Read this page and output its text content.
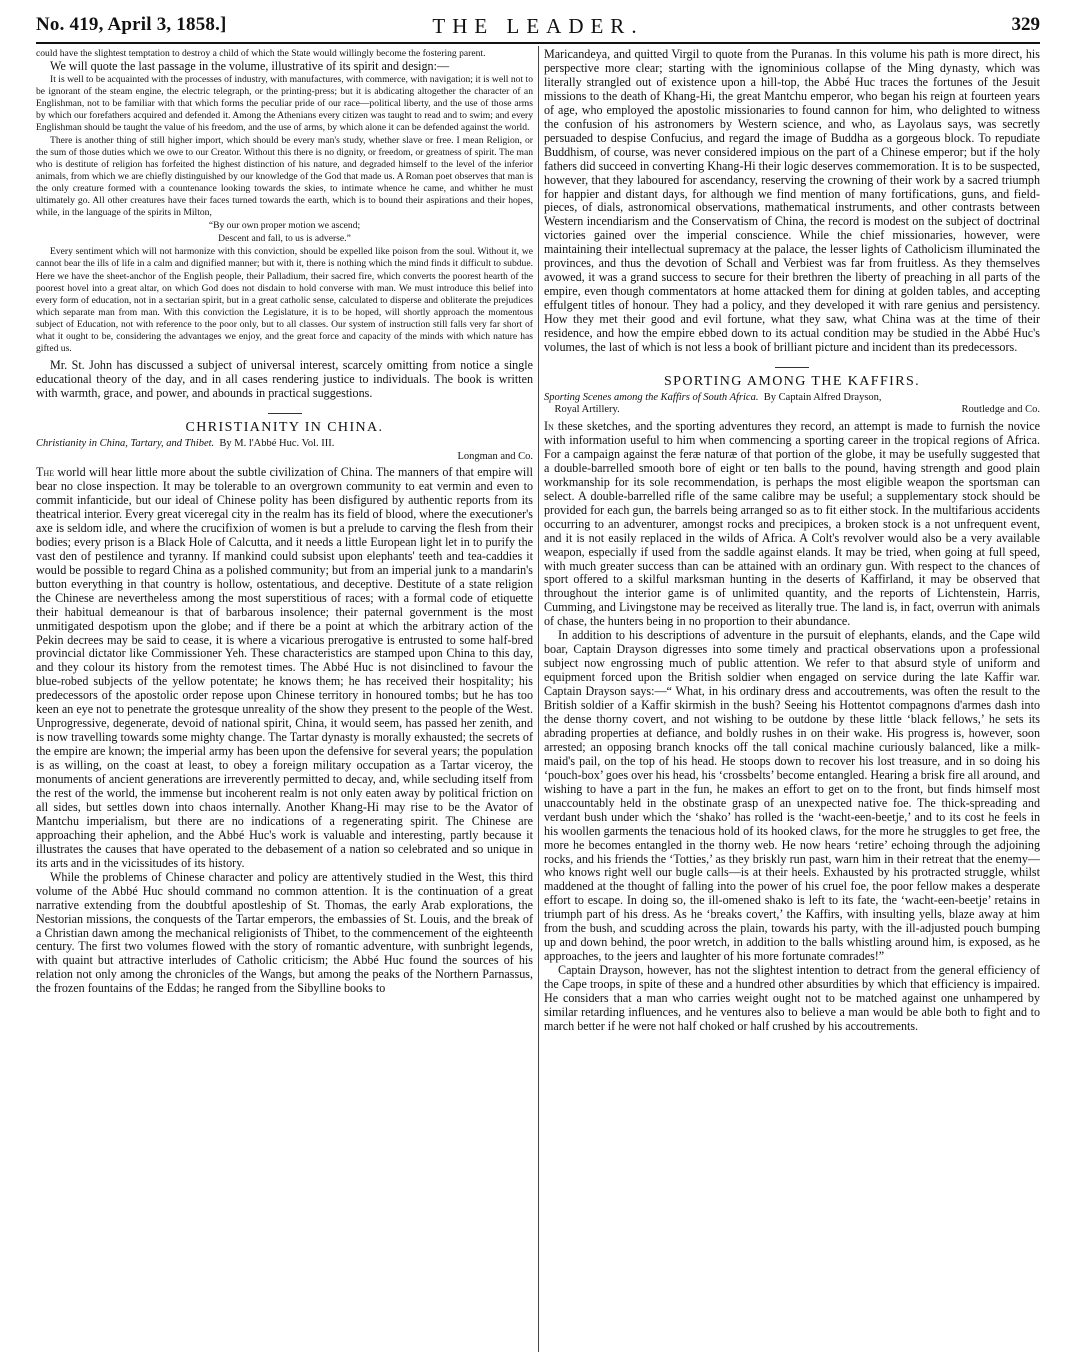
No. 419, April 3, 1858.]	THE LEADER.	329

could have the slightest temptation to destroy a child of which the State would willingly become the fostering parent.

We will quote the last passage in the volume, illustrative of its spirit and design:—

It is well to be acquainted with the processes of industry, with manufactures, with commerce, with navigation; it is well not to be ignorant of the steam engine, the electric telegraph, or the printing-press; but it is abdicating altogether the character of an Englishman, not to be familiar with that which forms the peculiar pride of our race—political liberty, and the use of those arms by which our forefathers acquired and defended it. Among the Athenians every citizen was taught to read and to swim; and every Englishman should be taught the value of his freedom, and the use of arms, by which alone it can be defended against the world.

There is another thing of still higher import, which should be every man's study, whether slave or free. I mean Religion, or the sum of those duties which we owe to our Creator. Without this there is no dignity, or freedom, or greatness of spirit. The man who is destitute of religion has forfeited the highest distinction of his nature, and degraded himself to the level of the inferior animals, from which we are chiefly distinguished by our knowledge of the God that made us. A Roman poet observes that man is the only creature formed with a countenance looking towards the skies, to intimate whence he came, and whither he must ultimately go. All other creatures have their faces turned towards the earth, which is to bound their aspirations and their hopes, while, in the language of the spirits in Milton,

“By our own proper motion we ascend;
Descent and fall, to us is adverse.”

Every sentiment which will not harmonize with this conviction, should be expelled like poison from the soul. Without it, we cannot bear the ills of life in a calm and dignified manner; but with it, there is nothing which the mind finds it difficult to subdue. Here we have the sheet-anchor of the English people, their Palladium, their sacred fire, which converts the poorest hearth of the poorest hovel into a great altar, on which God does not disdain to hold converse with man. We must introduce this belief into every form of education, not in a sectarian spirit, but in a great catholic sense, calculated to disperse and obliterate the prejudices which separate man from man. With this conviction the Legislature, it is to be hoped, will shortly approach the momentous subject of Education, not with reference to the poor only, but to all classes. Our system of instruction still falls very far short of what it ought to be, considering the advantages we enjoy, and the great force and capacity of the minds with which nature has gifted us.

Mr. St. John has discussed a subject of universal interest, scarcely omitting from notice a single educational theory of the day, and in all cases rendering justice to individuals. The book is written with warmth, grace, and power, and abounds in practical suggestions.

CHRISTIANITY IN CHINA.
Christianity in China, Tartary, and Thibet. By M. l'Abbé Huc. Vol. III.

Longman and Co.

The world will hear little more about the subtle civilization of China. The manners of that empire will bear no close inspection. It may be tolerable to an overgrown community to eat vermin and even to commit infanticide, but our ideal of Chinese polity has been disfigured by authentic reports from its theatrical interior. Every great viceregal city in the realm has its field of blood, where the executioner's axe is seldom idle, and where the crucifixion of women is but a prelude to carving the flesh from their bodies; every prison is a Black Hole of Calcutta, and it needs a little European light let in to purify the vast den of pestilence and tyranny. If mankind could subsist upon elephants' teeth and tea-caddies it would be possible to regard China as a polished community; but from an imperial junk to a mandarin's button everything in that country is hollow, ostentatious, and deceptive. Destitute of a state religion the Chinese are nevertheless among the most superstitious of races; with a formal code of etiquette their habitual demeanour is that of barbarous insolence; their paternal government is the most unmitigated despotism upon the globe; and if there be a point at which the arbitrary action of the Pekin decrees may be said to cease, it is where a vicarious prerogative is entrusted to some half-bred provincial dictator like Commissioner Yeh. These characteristics are stamped upon China to this day, and they colour its history from the remotest times. The Abbé Huc is not disinclined to favour the blue-robed subjects of the yellow potentate; he knows them; he has received their hospitality; his predecessors of the apostolic order repose upon Chinese territory in honoured tombs; but he has too keen an eye not to penetrate the grotesque unreality of the show they present to the people of the West. Unprogressive, degenerate, devoid of national spirit, China, it would seem, has passed her zenith, and is now travelling towards some mighty change. The Tartar dynasty is morally exhausted; the secrets of the empire are known; the imperial army has been upon the defensive for several years; the population is as willing, on the coast at least, to obey a foreign military occupation as a Tartar viceroy, the monuments of ancient generations are irreverently permitted to decay, and, while secluding itself from the rest of the world, the immense but incoherent realm is not only eaten away by political friction on all sides, but settles down into chaos internally. Another Khang-Hi may rise to be the Avator of Mantchu imperialism, but there are no indications of a regenerating spirit. The Chinese are approaching their aphelion, and the Abbé Huc's work is valuable and interesting, partly because it illustrates the causes that have operated to the debasement of a nation so celebrated and so unique in its arts and in the vicissitudes of its history.

While the problems of Chinese character and policy are attentively studied in the West, this third volume of the Abbé Huc should command no common attention. It is the continuation of a great narrative extending from the doubtful apostleship of St. Thomas, the early Arab explorations, the Nestorian missions, the conquests of the Tartar emperors, the embassies of St. Louis, and the break of a Christian dawn among the mechanical religionists of Thibet, to the commencement of the eighteenth century. The first two volumes flowed with the story of romantic adventure, with sunbright legends, with quaint but attractive interludes of Catholic criticism; the Abbé Huc found the sources of his relation not only among the chronicles of the Wangs, but among the peaks of the Northern Parnassus, the frozen fountains of the Eddas; he ranged from the Sibylline books to

Maricandeya, and quitted Virgil to quote from the Puranas. In this volume his path is more direct, his perspective more clear; starting with the ignominious collapse of the Ming dynasty, which was literally strangled out of existence upon a hill-top, the Abbé Huc traces the fortunes of the Jesuit missions to the death of Khang-Hi, the great Mantchu emperor, who began his reign at fourteen years of age, who employed the apostolic missionaries to found cannon for him, who delighted to witness the confusion of his astronomers by Western science, and who, as Layolaus says, was secretly persuaded to despise Confucius, and regard the image of Buddha as a gorgeous block. To repudiate Buddhism, of course, was never considered impious on the part of a Chinese emperor; but if the holy fathers did succeed in converting Khang-Hi their logic deserves commemoration. It is to be suspected, however, that they laboured for ascendancy, reserving the crowning of their work by a sacred triumph for happier and distant days, for although we find mention of many fortifications, guns, and field-pieces, of dials, astronomical observations, mathematical instruments, and other contrasts between Western incendiarism and the Conservatism of China, the record is modest on the subject of doctrinal victories gained over the imperial conscience. While the chief missionaries, however, were maintaining their intellectual supremacy at the palace, the lesser lights of Catholicism illuminated the provinces, and thus the devotion of Schall and Verbiest was far from fruitless. As they themselves avowed, it was a grand success to secure for their brethren the liberty of preaching in all parts of the empire, even though commentators at home attacked them for dining at golden tables, and accepting effulgent titles of honour. They had a policy, and they developed it with rare genius and persistency. How they met their good and evil fortune, what they saw, what China was at the time of their residence, and how the empire ebbed down to its actual condition may be studied in the Abbé Huc's volumes, the last of which is not less a book of brilliant picture and incident than its predecessors.

SPORTING AMONG THE KAFFIRS.
Sporting Scenes among the Kaffirs of South Africa. By Captain Alfred Drayson,
Royal Artillery.	Routledge and Co.

In these sketches, and the sporting adventures they record, an attempt is made to furnish the novice with information useful to him when commencing a sporting career in the tropical regions of Africa. For a campaign against the feræ naturæ of that portion of the globe, it may be usefully suggested that a double-barrelled smooth bore of eight or ten balls to the pound, having strength and good plain workmanship for its sole recommendation, is perhaps the most eligible weapon the sportsman can select. A double-barrelled rifle of the same calibre may be useful; a supplementary stock should be provided for each gun, the barrels being arranged so as to fit either stock. In the multifarious accidents occurring to an adventurer, amongst rocks and precipices, a broken stock is a not unfrequent event, and it is not easily replaced in the wilds of Africa. A Colt's revolver would also be a very available weapon, especially if used from the saddle against elands. It may be tried, when going at full speed, with much greater success than can be attained with an ordinary gun. With respect to the chances of sport offered to a skilful marksman hunting in the deserts of Kaffirland, it may be observed that throughout the interior game is of unlimited quantity, and the reports of Lichtenstein, Harris, Cumming, and Livingstone may be received as literally true. The land is, in fact, overrun with animals of chase, the hunters being in no proportion to their abundance.

In addition to his descriptions of adventure in the pursuit of elephants, elands, and the Cape wild boar, Captain Drayson digresses into some timely and practical observations upon a professional subject now engrossing much of public attention. We refer to that absurd style of uniform and equipment forced upon the British soldier when engaged on service during the late Kaffir war. Captain Drayson says:—“ What, in his ordinary dress and accoutrements, was often the result to the British soldier of a Kaffir skirmish in the bush? Seeing his Hottentot compagnons d'armes dash into the dense thorny covert, and not wishing to be outdone by these little ‘black fellows,’ he sets its abrading properties at defiance, and boldly rushes in on their wake. His progress is, however, soon arrested; an opposing branch knocks off the tall conical machine curiously balanced, like a milk-maid's pail, on the top of his head. He stoops down to recover his lost treasure, and in so doing his ‘pouch-box’ goes over his head, his ‘crossbelts’ become entangled. Hearing a brisk fire all around, and wishing to have a part in the fun, he makes an effort to get on to the front, but finds himself most unaccountably held in the obstinate grasp of an unexpected native foe. The thick-spreading and verdant bush under which the ‘shako’ has rolled is the ‘wacht-een-beetje,’ and to its cost he feels in his woollen garments the tenacious hold of its hooked claws, for the more he struggles to get free, the more he becomes entangled in the thorny web. He now hears ‘retire’ echoing through the adjoining rocks, and his friends the ‘Totties,’ as they briskly run past, warn him in their retreat that the enemy—who knows right well our bugle calls—is at their heels. Exhausted by his protracted struggle, whilst maddened at the thought of falling into the power of his cruel foe, the poor fellow makes a desperate effort to escape. In doing so, the ill-omened shako is left to its fate, the ‘wacht-een-beetje’ retains in triumph part of his dress. As he ‘breaks covert,’ the Kaffirs, with insulting yells, blaze away at him from the bush, and scudding across the plain, towards his party, with the ill-adjusted pouch bumping up and down behind, the poor wretch, in addition to the balls whistling around him, is exposed, as he approaches, to the jeers and laughter of his more fortunate comrades!”

Captain Drayson, however, has not the slightest intention to detract from the general efficiency of the Cape troops, in spite of these and a hundred other absurdities by which that efficiency is impaired. He considers that a man who carries weight ought not to be matched against one unhampered by similar retarding influences, and he ventures also to believe a man would be able both to fight and to march better if he were not half choked or half crushed by his accoutrements.
